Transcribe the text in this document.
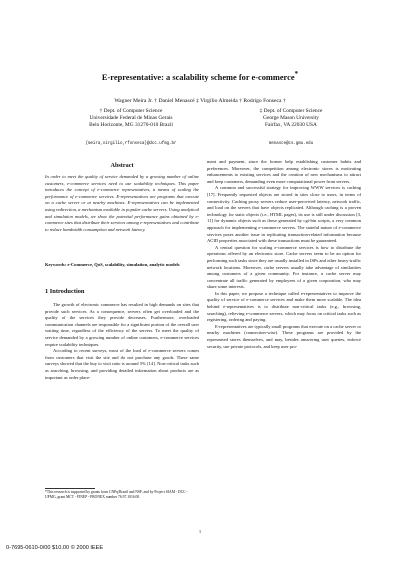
E-representative: a scalability scheme for e-commerce*
Wagner Meira Jr. † Daniel Menascé ‡ Virgílio Almeida † Rodrigo Fonseca †
† Dept. of Computer Science
Universidade Federal de Minas Gerais
Belo Horizonte, MG 31270-010 Brazil
‡ Dept. of Computer Science
George Mason University
Fairfax, VA 22030 USA
{meira,virgilio,rfonseca}@dcc.ufmg.br	menasce@cs.gmu.edu
Abstract
In order to meet the quality of service demanded by a growing number of online customers, e-commerce services need to use scalability techniques. This paper introduces the concept of e-commerce representatives, a means of scaling the performance of e-commerce services. E-representatives are programs that execute on a cache server or at nearby machines. E-representatives can be implemented using redirection, a mechanism available in popular cache servers. Using analytical and simulation models, we show the potential performance gains obtained by e-commerce sites that distribute their services among e-representatives and contribute to reduce bandwidth consumption and network latency.
Keywords: e-Commerce, QoS, scalability, simulation, analytic models
1 Introduction

The growth of electronic commerce has resulted in high demands on sites that provide such services. As a consequence, servers often get overloaded and the quality of the services they provide decreases. Furthermore, overloaded communication channels are responsible for a significant portion of the overall user waiting time, regardless of the efficiency of the servers. To meet the quality of service demanded by a growing number of online customers, e-commerce services require scalability techniques.

According to recent surveys, most of the load of e-commerce servers comes from customers that visit the site and do not purchase any goods. These same surveys showed that the buy to visit ratio is around 5% [14]. Non-critical tasks such as searching, browsing, and providing detailed information about products are as important as order place-

*This research is supported by grants from CNPq/Brazil and NSF, and by Project SIAM - DCC - UFMG, grant MCT - FINEP - PRONEX number 76.97.1016.00.

ment and payment, since the former help establishing customer habits and preferences. Moreover, the competition among electronic stores is motivating enhancements to existing services and the creation of new mechanisms to attract and keep customers, demanding even more computational power from servers.

A common and successful strategy for improving WWW services is caching [17]. Frequently requested objects are stored in sites close to users, in terms of connectivity. Caching proxy servers reduce user-perceived latency, network traffic, and load on the servers that have objects replicated. Although caching is a proven technology for static objects (i.e., HTML pages), its use is still under discussion [3, 11] for dynamic objects such as those generated by cgi-bin scripts, a very common approach for implementing e-commerce servers. The stateful nature of e-commerce services poses another issue in replicating transaction-related information because ACID properties associated with these transactions must be guaranteed.

A central question for scaling e-commerce services is how to distribute the operations offered by an electronic store. Cache servers seem to be an option for performing such tasks since they are usually installed in ISPs and other heavy-traffic network locations. Moreover, cache servers usually take advantage of similarities among customers of a given community. For instance, a cache server may concentrate all traffic generated by employees of a given corporation, who may share some interests.

In this paper, we propose a technique called e-representatives to improve the quality of service of e-commerce services and make them more scalable. The idea behind e-representatives is to distribute non-critical tasks (e.g., browsing, searching), relieving e-commerce servers, which may focus on critical tasks such as registering, ordering and paying.

E-representatives are typically small programs that execute on a cache server or nearby machines (connection-wise). These programs are provided by the represented stores themselves, and may, besides answering user queries, enforce security, use private protocols, and keep user pro-

1
0-7695-0610-0/00 $10.00 © 2000 IEEE
